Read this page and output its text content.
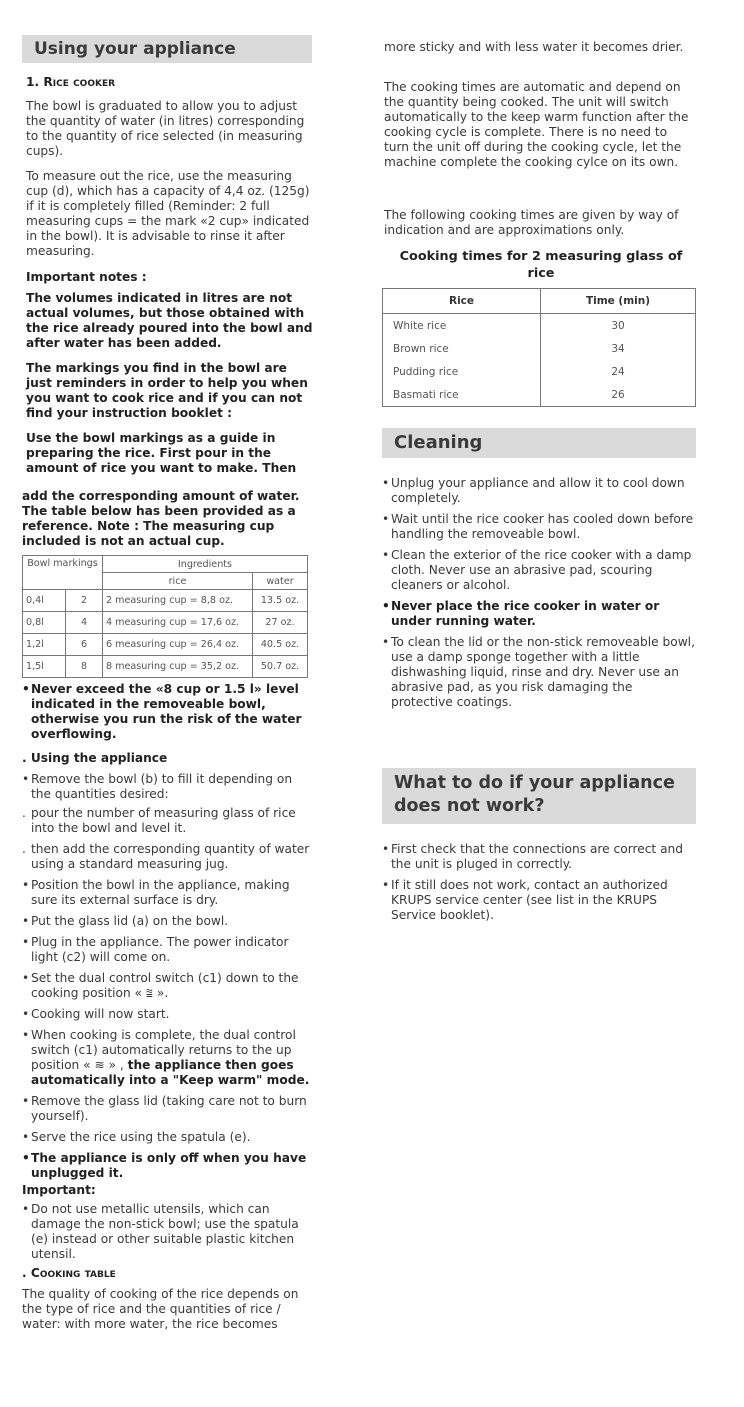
Using your appliance

1. Rice cooker

The bowl is graduated to allow you to adjust the quantity of water (in litres) corresponding to the quantity of rice selected (in measuring cups).

To measure out the rice, use the measuring cup (d), which has a capacity of 4,4 oz. (125g) if it is completely filled (Reminder: 2 full measuring cups = the mark «2 cup» indicated in the bowl). It is advisable to rinse it after measuring.

Important notes :

The volumes indicated in litres are not actual volumes, but those obtained with the rice already poured into the bowl and after water has been added.

The markings you find in the bowl are just reminders in order to help you when you want to cook rice and if you can not find your instruction booklet :

Use the bowl markings as a guide in preparing the rice. First pour in the amount of rice you want to make. Then

add the corresponding amount of water. The table below has been provided as a reference. Note : The measuring cup included is not an actual cup.

Bowl markings		Ingredients	
		rice	water
0,4l	2	2 measuring cup = 8,8 oz.	13.5 oz.
0,8l	4	4 measuring cup = 17,6 oz.	27 oz.
1,2l	6	6 measuring cup = 26,4 oz.	40.5 oz.
1,5l	8	8 measuring cup = 35,2 oz.	50.7 oz.
• Never exceed the «8 cup or 1.5 l» level indicated in the removeable bowl, otherwise you run the risk of the water overflowing.

. Using the appliance

• Remove the bowl (b) to fill it depending on the quantities desired:
. pour the number of measuring glass of rice into the bowl and level it.
. then add the corresponding quantity of water using a standard measuring jug.
• Position the bowl in the appliance, making sure its external surface is dry.
• Put the glass lid (a) on the bowl.
• Plug in the appliance. The power indicator light (c2) will come on.
• Set the dual control switch (c1) down to the cooking position « ⩰ ».
• Cooking will now start.
• When cooking is complete, the dual control switch (c1) automatically returns to the up position « ≋ » , the appliance then goes automatically into a "Keep warm" mode.
• Remove the glass lid (taking care not to burn yourself).
• Serve the rice using the spatula (e).
• The appliance is only off when you have unplugged it.

Important:

• Do not use metallic utensils, which can damage the non-stick bowl; use the spatula (e) instead or other suitable plastic kitchen utensil.

. Cooking table

The quality of cooking of the rice depends on the type of rice and the quantities of rice / water: with more water, the rice becomes

more sticky and with less water it becomes drier.

The cooking times are automatic and depend on the quantity being cooked. The unit will switch automatically to the keep warm function after the cooking cycle is complete. There is no need to turn the unit off during the cooking cycle, let the machine complete the cooking cylce on its own.

The following cooking times are given by way of indication and are approximations only.

Cooking times for 2 measuring glass of rice

Rice	Time (min)
White rice	30
Brown rice	34
Pudding rice	24
Basmati rice	26
Cleaning
• Unplug your appliance and allow it to cool down completely.
• Wait until the rice cooker has cooled down before handling the removeable bowl.
• Clean the exterior of the rice cooker with a damp cloth. Never use an abrasive pad, scouring cleaners or alcohol.
• Never place the rice cooker in water or under running water.
• To clean the lid or the non-stick removeable bowl, use a damp sponge together with a little dishwashing liquid, rinse and dry. Never use an abrasive pad, as you risk damaging the protective coatings.
What to do if your appliance does not work?
• First check that the connections are correct and the unit is pluged in correctly.
• If it still does not work, contact an authorized KRUPS service center (see list in the KRUPS Service booklet).
